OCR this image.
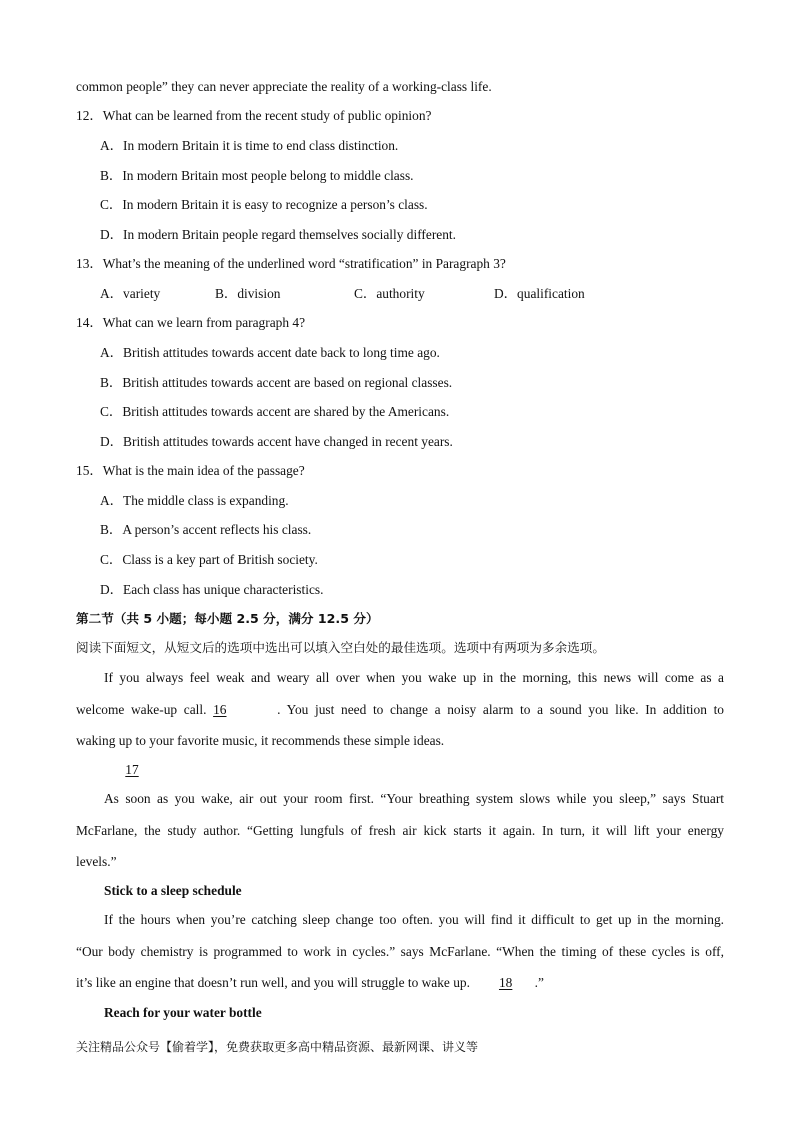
common people” they can never appreciate the reality of a working-class life.
12．What can be learned from the recent study of public opinion?
A．In modern Britain it is time to end class distinction.
B．In modern Britain most people belong to middle class.
C．In modern Britain it is easy to recognize a person’s class.
D．In modern Britain people regard themselves socially different.
13．What’s the meaning of the underlined word “stratification” in Paragraph 3?
A．variety	B．division	C．authority	D．qualification
14．What can we learn from paragraph 4?
A．British attitudes towards accent date back to long time ago.
B．British attitudes towards accent are based on regional classes.
C．British attitudes towards accent are shared by the Americans.
D．British attitudes towards accent have changed in recent years.
15．What is the main idea of the passage?
A．The middle class is expanding.
B．A person’s accent reflects his class.
C．Class is a key part of British society.
D．Each class has unique characteristics.
第二节（共 5 小题；每小题 2.5 分，满分 12.5 分）
阅读下面短文，从短文后的选项中选出可以填入空白处的最佳选项。选项中有两项为多余选项。
If you always feel weak and weary all over when you wake up in the morning, this news will come as a
welcome wake-up call. 16	. You just need to change a noisy alarm to a sound you like. In addition to
waking up to your favorite music, it recommends these simple ideas.
17
As soon as you wake, air out your room first. “Your breathing system slows while you sleep,” says Stuart
McFarlane, the study author. “Getting lungfuls of fresh air kick starts it again. In turn, it will lift your energy
levels.”
Stick to a sleep schedule
If the hours when you’re catching sleep change too often. you will find it difficult to get up in the morning.
“Our body chemistry is programmed to work in cycles.” says McFarlane. “When the timing of these cycles is off,
it’s like an engine that doesn’t run well, and you will struggle to wake up. 18 .”
Reach for your water bottle
关注精品公众号【偷着学】，免费获取更多高中精品资源、最新网课、讲义等
